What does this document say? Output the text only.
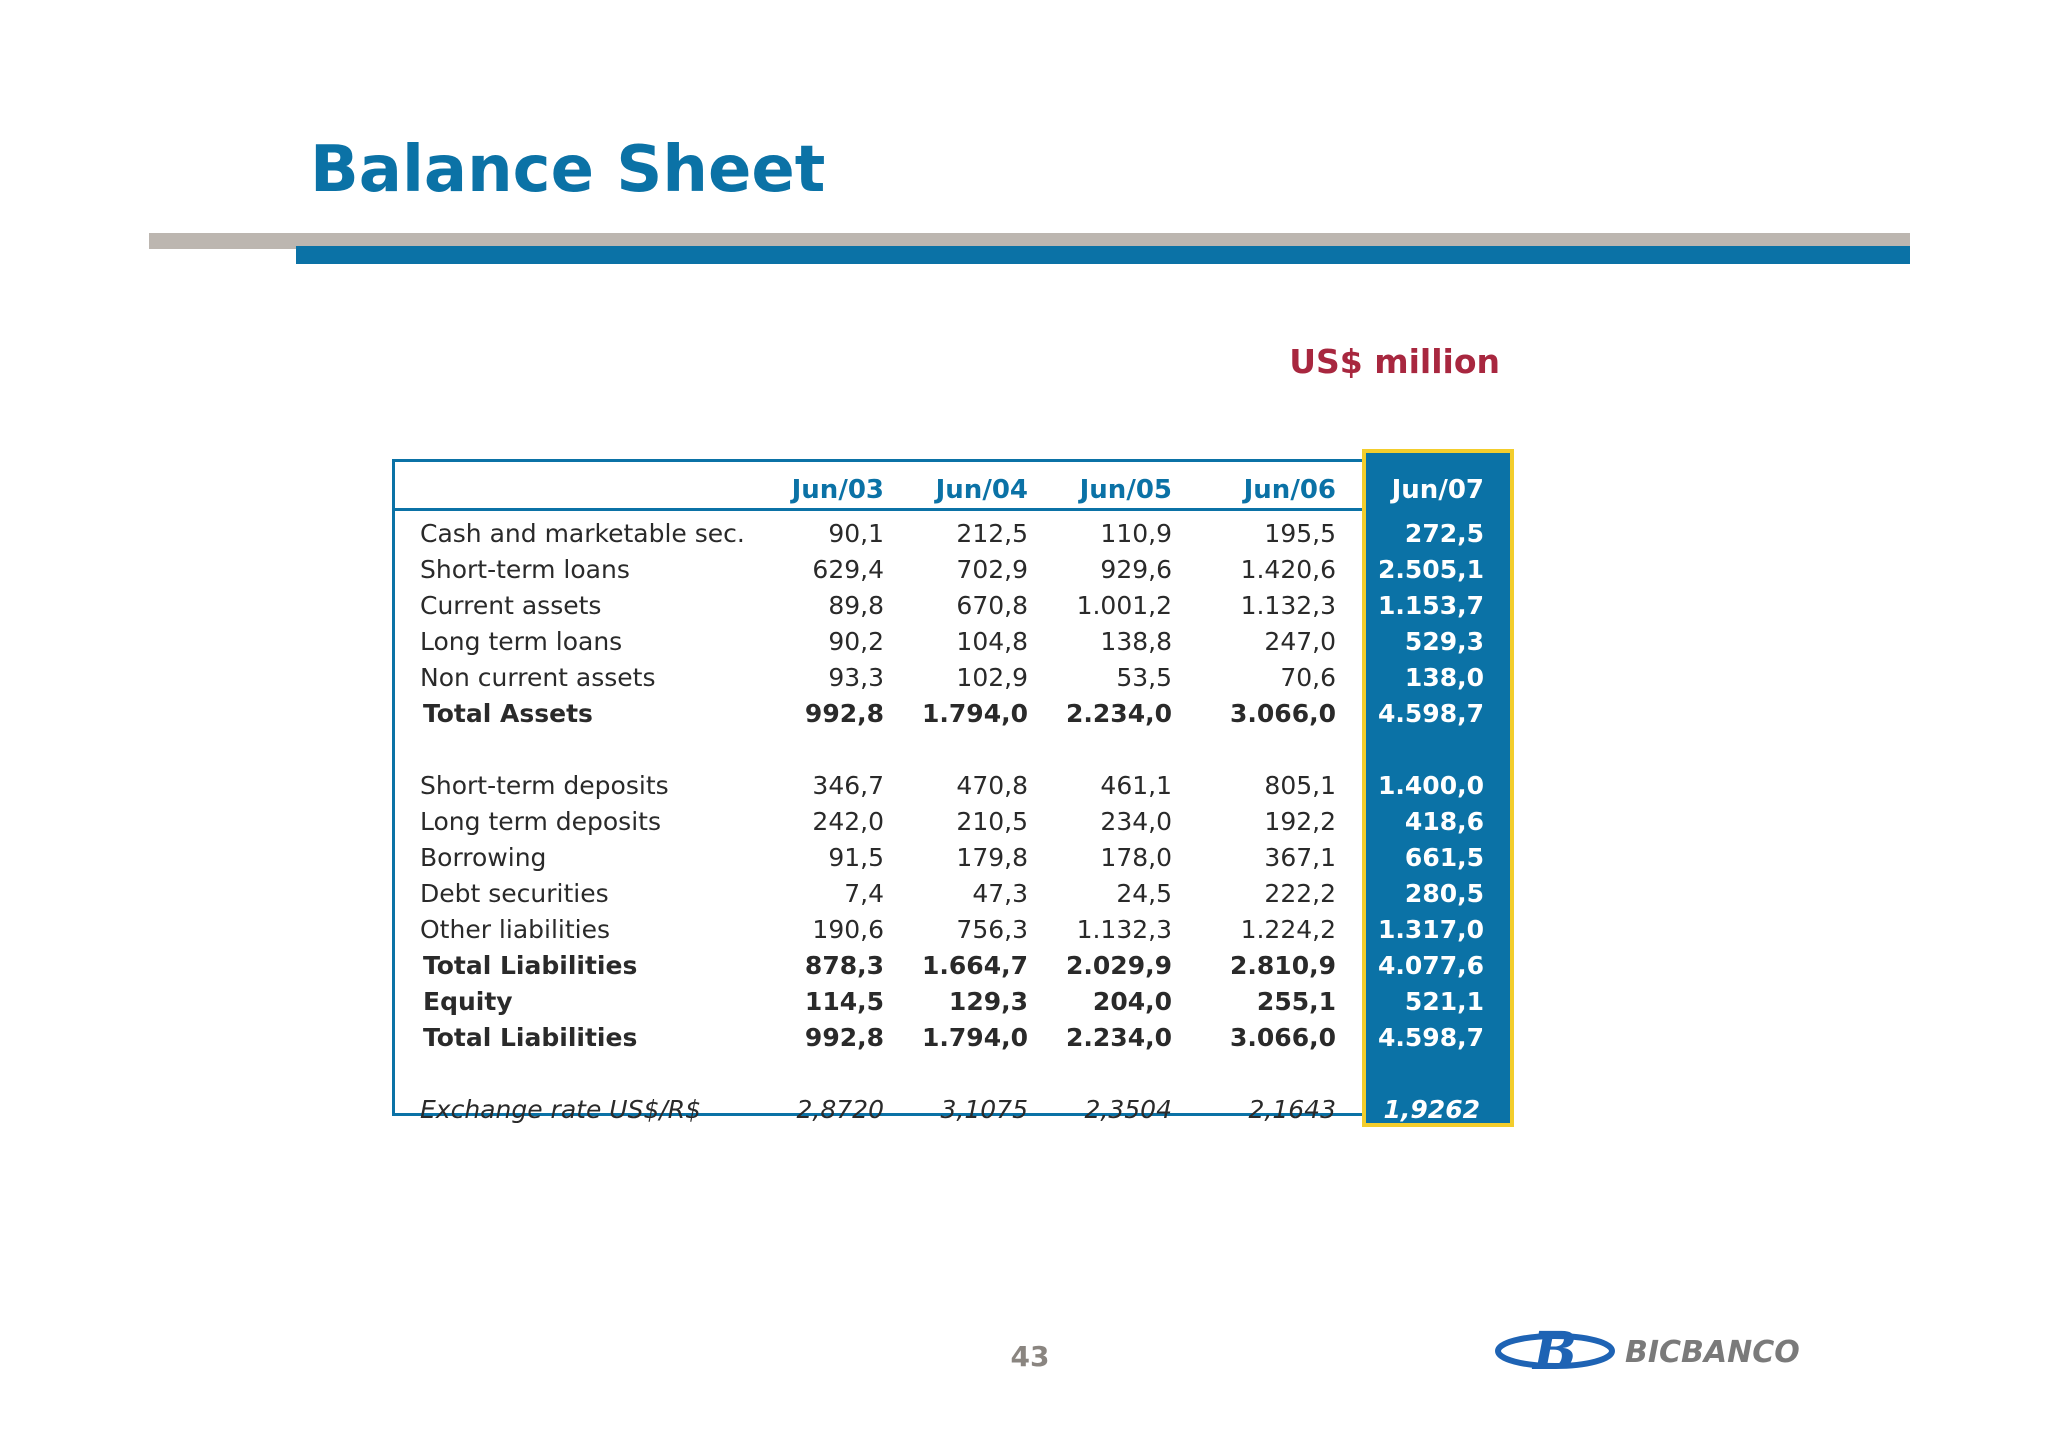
Balance Sheet
US$ million
Jun/03	Jun/04	Jun/05	Jun/06	Jun/07
Cash and marketable sec.	90,1	212,5	110,9	195,5	272,5
Short-term loans	629,4	702,9	929,6	1.420,6	2.505,1
Current assets	89,8	670,8	1.001,2	1.132,3	1.153,7
Long term loans	90,2	104,8	138,8	247,0	529,3
Non current assets	93,3	102,9	53,5	70,6	138,0
Total Assets	992,8	1.794,0	2.234,0	3.066,0	4.598,7
Short-term deposits	346,7	470,8	461,1	805,1	1.400,0
Long term deposits	242,0	210,5	234,0	192,2	418,6
Borrowing	91,5	179,8	178,0	367,1	661,5
Debt securities	7,4	47,3	24,5	222,2	280,5
Other liabilities	190,6	756,3	1.132,3	1.224,2	1.317,0
Total Liabilities	878,3	1.664,7	2.029,9	2.810,9	4.077,6
Equity	114,5	129,3	204,0	255,1	521,1
Total Liabilities	992,8	1.794,0	2.234,0	3.066,0	4.598,7
Exchange rate US$/R$	2,8720	3,1075	2,3504	2,1643	1,9262
43	B BICBANCO
